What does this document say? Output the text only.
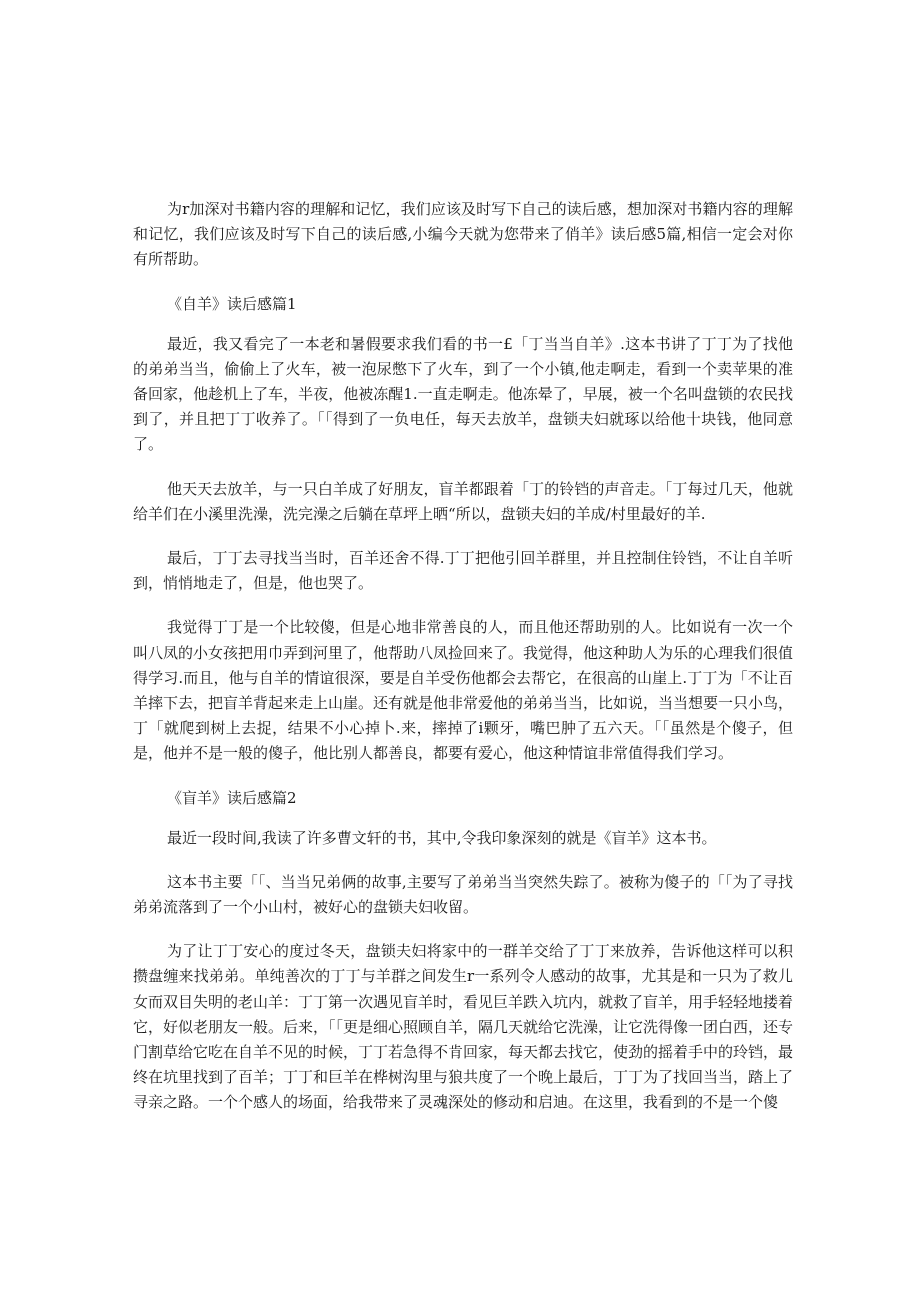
为r加深对书籍内容的理解和记忆，我们应该及时写下自己的读后感，想加深对书籍内容的理解和记忆，我们应该及时写下自己的读后感,小编今天就为您带来了俏羊》读后感5篇,相信一定会对你有所帮助。

《自羊》读后感篇1

最近，我又看完了一本老和暑假要求我们看的书一£「丁当当自羊》.这本书讲了丁丁为了找他的弟弟当当，偷偷上了火车，被一泡尿憋下了火车，到了一个小镇,他走啊走，看到一个卖苹果的准备回家，他趁机上了车，半夜，他被冻醒1.一直走啊走。他冻晕了，早展，被一个名叫盘锁的农民找到了，并且把丁丁收养了。「「得到了一负电任，每天去放羊，盘锁夫妇就琢以给他十块钱，他同意了。

他天天去放羊，与一只白羊成了好朋友，盲羊都跟着「丁的铃铛的声音走。「丁每过几天，他就给羊们在小溪里洗澡，洗完澡之后躺在草坪上晒“所以，盘锁夫妇的羊成/村里最好的羊.

最后，丁丁去寻找当当时，百羊还舍不得.丁丁把他引回羊群里，并且控制住铃铛，不让自羊听到，悄悄地走了，但是，他也哭了。

我觉得丁丁是一个比较傻，但是心地非常善良的人，而且他还帮助别的人。比如说有一次一个叫八凤的小女孩把用巾弄到河里了，他帮助八凤捡回来了。我觉得，他这种助人为乐的心理我们很值得学习.而且，他与自羊的情谊很深，要是自羊受伤他都会去帮它，在很高的山崖上.丁丁为「不让百羊摔下去，把盲羊背起来走上山崖。还有就是他非常爱他的弟弟当当，比如说，当当想要一只小鸟，丁「就爬到树上去捉，结果不小心掉卜.来，摔掉了i颗牙，嘴巴肿了五六天。「「虽然是个傻子，但是，他并不是一般的傻子，他比别人都善良，都要有爱心，他这种情谊非常值得我们学习。

《盲羊》读后感篇2

最近一段时间,我读了许多曹文轩的书，其中,令我印象深刻的就是《盲羊》这本书。

这本书主要「「、当当兄弟俩的故事,主要写了弟弟当当突然失踪了。被称为傻子的「「为了寻找弟弟流落到了一个小山村，被好心的盘锁夫妇收留。

为了让丁丁安心的度过冬天，盘锁夫妇将家中的一群羊交给了丁丁来放养，告诉他这样可以积攒盘缠来找弟弟。单纯善次的丁丁与羊群之间发生r一系列令人感动的故事，尤其是和一只为了救儿女而双目失明的老山羊：丁丁第一次遇见盲羊时，看见巨羊跌入坑内，就救了盲羊，用手轻轻地搂着它，好似老朋友一般。后来，「「更是细心照顾自羊，隔几天就给它洗澡，让它洗得像一团白西，还专门割草给它吃在自羊不见的时候，丁丁若急得不肯回家，每天都去找它，使劲的摇着手中的玲铛，最终在坑里找到了百羊；丁丁和巨羊在桦树沟里与狼共度了一个晚上最后，丁丁为了找回当当，踏上了寻亲之路。一个个感人的场面，给我带来了灵魂深处的修动和启迪。在这里，我看到的不是一个傻
